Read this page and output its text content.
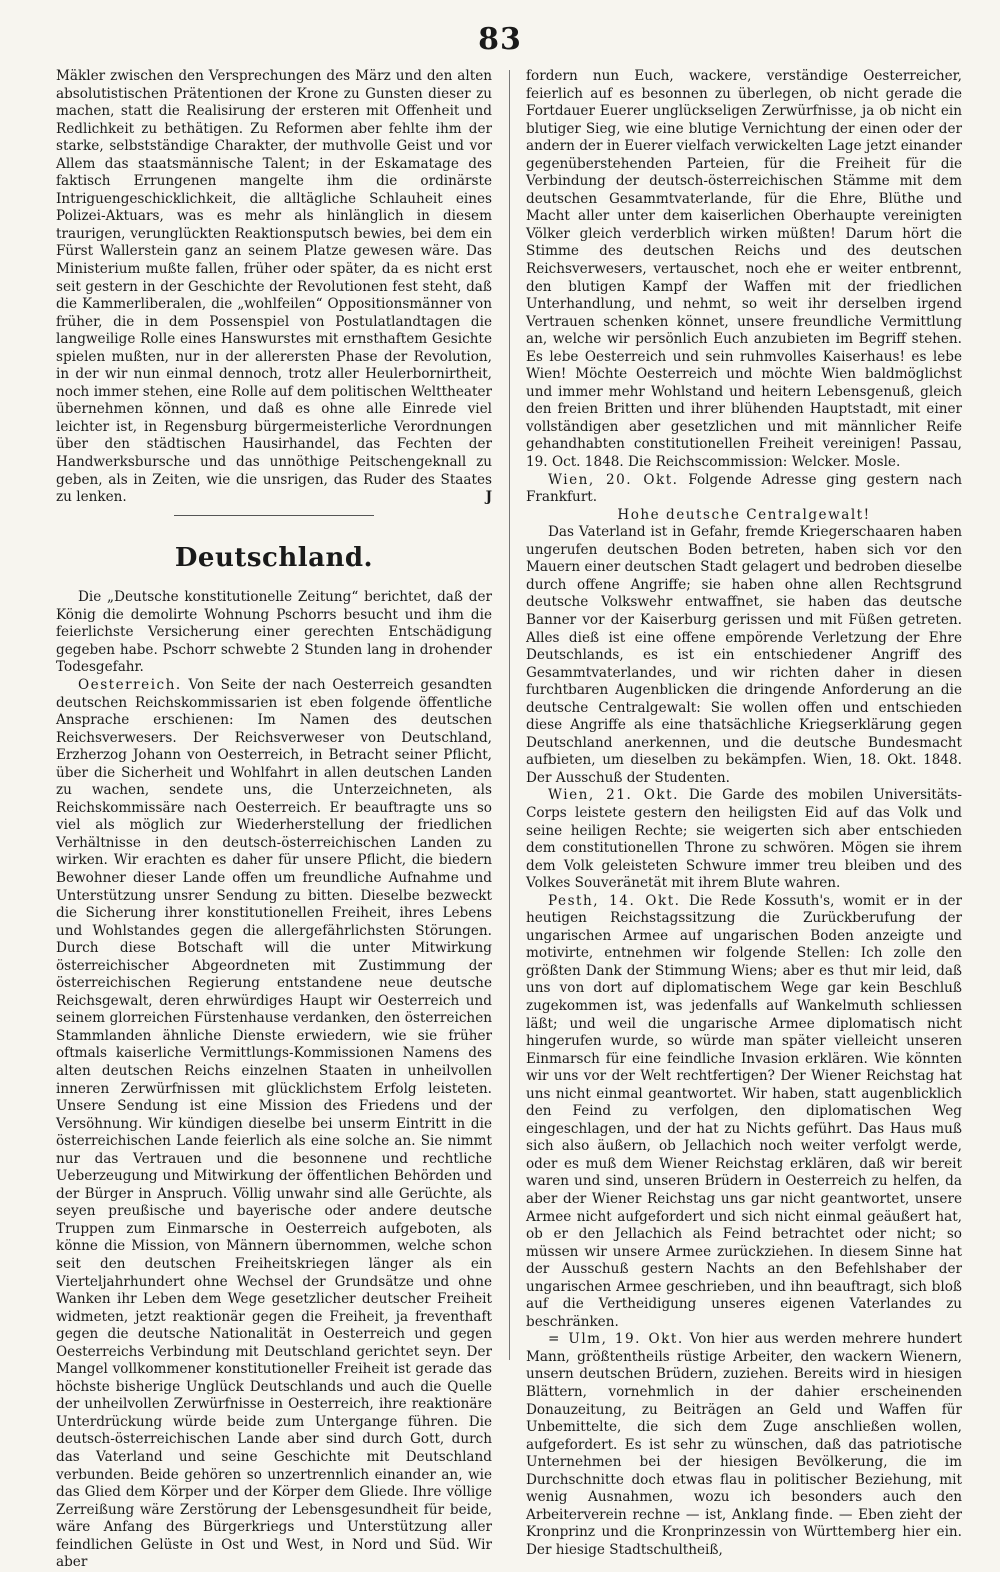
83

Mäkler zwischen den Versprechungen des März und den alten absolutistischen Prätentionen der Krone zu Gunsten dieser zu machen, statt die Realisirung der ersteren mit Offenheit und Redlichkeit zu bethätigen. Zu Reformen aber fehlte ihm der starke, selbstständige Charakter, der muthvolle Geist und vor Allem das staatsmännische Talent; in der Eskamatage des faktisch Errungenen mangelte ihm die ordinärste Intriguengeschicklichkeit, die alltägliche Schlauheit eines Polizei-Aktuars, was es mehr als hinlänglich in diesem traurigen, verunglückten Reaktionsputsch bewies, bei dem ein Fürst Wallerstein ganz an seinem Platze gewesen wäre. Das Ministerium mußte fallen, früher oder später, da es nicht erst seit gestern in der Geschichte der Revolutionen fest steht, daß die Kammerliberalen, die „wohlfeilen“ Oppositionsmänner von früher, die in dem Possenspiel von Postulatlandtagen die langweilige Rolle eines Hanswurstes mit ernsthaftem Gesichte spielen mußten, nur in der allerersten Phase der Revolution, in der wir nun einmal dennoch, trotz aller Heulerbornirtheit, noch immer stehen, eine Rolle auf dem politischen Welttheater übernehmen können, und daß es ohne alle Einrede viel leichter ist, in Regensburg bürgermeisterliche Verordnungen über den städtischen Hausirhandel, das Fechten der Handwerksbursche und das unnöthige Peitschengeknall zu geben, als in Zeiten, wie die unsrigen, das Ruder des Staates zu lenken.	J

Deutschland.

Die „Deutsche konstitutionelle Zeitung“ berichtet, daß der König die demolirte Wohnung Pschorrs besucht und ihm die feierlichste Versicherung einer gerechten Entschädigung gegeben habe. Pschorr schwebte 2 Stunden lang in drohender Todesgefahr.

Oesterreich. Von Seite der nach Oesterreich gesandten deutschen Reichskommissarien ist eben folgende öffentliche Ansprache erschienen: Im Namen des deutschen Reichsverwesers. Der Reichsverweser von Deutschland, Erzherzog Johann von Oesterreich, in Betracht seiner Pflicht, über die Sicherheit und Wohlfahrt in allen deutschen Landen zu wachen, sendete uns, die Unterzeichneten, als Reichskommissäre nach Oesterreich. Er beauftragte uns so viel als möglich zur Wiederherstellung der friedlichen Verhältnisse in den deutsch-österreichischen Landen zu wirken. Wir erachten es daher für unsere Pflicht, die biedern Bewohner dieser Lande offen um freundliche Aufnahme und Unterstützung unsrer Sendung zu bitten. Dieselbe bezweckt die Sicherung ihrer konstitutionellen Freiheit, ihres Lebens und Wohlstandes gegen die allergefährlichsten Störungen. Durch diese Botschaft will die unter Mitwirkung österreichischer Abgeordneten mit Zustimmung der österreichischen Regierung entstandene neue deutsche Reichsgewalt, deren ehrwürdiges Haupt wir Oesterreich und seinem glorreichen Fürstenhause verdanken, den österreichen Stammlanden ähnliche Dienste erwiedern, wie sie früher oftmals kaiserliche Vermittlungs-Kommissionen Namens des alten deutschen Reichs einzelnen Staaten in unheilvollen inneren Zerwürfnissen mit glücklichstem Erfolg leisteten. Unsere Sendung ist eine Mission des Friedens und der Versöhnung. Wir kündigen dieselbe bei unserm Eintritt in die österreichischen Lande feierlich als eine solche an. Sie nimmt nur das Vertrauen und die besonnene und rechtliche Ueberzeugung und Mitwirkung der öffentlichen Behörden und der Bürger in Anspruch. Völlig unwahr sind alle Gerüchte, als seyen preußische und bayerische oder andere deutsche Truppen zum Einmarsche in Oesterreich aufgeboten, als könne die Mission, von Männern übernommen, welche schon seit den deutschen Freiheitskriegen länger als ein Vierteljahrhundert ohne Wechsel der Grundsätze und ohne Wanken ihr Leben dem Wege gesetzlicher deutscher Freiheit widmeten, jetzt reaktionär gegen die Freiheit, ja freventhaft gegen die deutsche Nationalität in Oesterreich und gegen Oesterreichs Verbindung mit Deutschland gerichtet seyn. Der Mangel vollkommener konstitutioneller Freiheit ist gerade das höchste bisherige Unglück Deutschlands und auch die Quelle der unheilvollen Zerwürfnisse in Oesterreich, ihre reaktionäre Unterdrückung würde beide zum Untergange führen. Die deutsch-österreichischen Lande aber sind durch Gott, durch das Vaterland und seine Geschichte mit Deutschland verbunden. Beide gehören so unzertrennlich einander an, wie das Glied dem Körper und der Körper dem Gliede. Ihre völlige Zerreißung wäre Zerstörung der Lebensgesundheit für beide, wäre Anfang des Bürgerkriegs und Unterstützung aller feindlichen Gelüste in Ost und West, in Nord und Süd. Wir aber

fordern nun Euch, wackere, verständige Oesterreicher, feierlich auf es besonnen zu überlegen, ob nicht gerade die Fortdauer Euerer unglückseligen Zerwürfnisse, ja ob nicht ein blutiger Sieg, wie eine blutige Vernichtung der einen oder der andern der in Euerer vielfach verwickelten Lage jetzt einander gegenüberstehenden Parteien, für die Freiheit für die Verbindung der deutsch-österreichischen Stämme mit dem deutschen Gesammtvaterlande, für die Ehre, Blüthe und Macht aller unter dem kaiserlichen Oberhaupte vereinigten Völker gleich verderblich wirken müßten! Darum hört die Stimme des deutschen Reichs und des deutschen Reichsverwesers, vertauschet, noch ehe er weiter entbrennt, den blutigen Kampf der Waffen mit der friedlichen Unterhandlung, und nehmt, so weit ihr derselben irgend Vertrauen schenken könnet, unsere freundliche Vermittlung an, welche wir persönlich Euch anzubieten im Begriff stehen. Es lebe Oesterreich und sein ruhmvolles Kaiserhaus! es lebe Wien! Möchte Oesterreich und möchte Wien baldmöglichst und immer mehr Wohlstand und heitern Lebensgenuß, gleich den freien Britten und ihrer blühenden Hauptstadt, mit einer vollständigen aber gesetzlichen und mit männlicher Reife gehandhabten constitutionellen Freiheit vereinigen! Passau, 19. Oct. 1848. Die Reichscommission: Welcker. Mosle.

Wien, 20. Okt. Folgende Adresse ging gestern nach Frankfurt.

Hohe deutsche Centralgewalt!

Das Vaterland ist in Gefahr, fremde Kriegerschaaren haben ungerufen deutschen Boden betreten, haben sich vor den Mauern einer deutschen Stadt gelagert und bedroben dieselbe durch offene Angriffe; sie haben ohne allen Rechtsgrund deutsche Volkswehr entwaffnet, sie haben das deutsche Banner vor der Kaiserburg gerissen und mit Füßen getreten. Alles dieß ist eine offene empörende Verletzung der Ehre Deutschlands, es ist ein entschiedener Angriff des Gesammtvaterlandes, und wir richten daher in diesen furchtbaren Augenblicken die dringende Anforderung an die deutsche Centralgewalt: Sie wollen offen und entschieden diese Angriffe als eine thatsächliche Kriegserklärung gegen Deutschland anerkennen, und die deutsche Bundesmacht aufbieten, um dieselben zu bekämpfen. Wien, 18. Okt. 1848. Der Ausschuß der Studenten.

Wien, 21. Okt. Die Garde des mobilen Universitäts-Corps leistete gestern den heiligsten Eid auf das Volk und seine heiligen Rechte; sie weigerten sich aber entschieden dem constitutionellen Throne zu schwören. Mögen sie ihrem dem Volk geleisteten Schwure immer treu bleiben und des Volkes Souveränetät mit ihrem Blute wahren.

Pesth, 14. Okt. Die Rede Kossuth's, womit er in der heutigen Reichstagssitzung die Zurückberufung der ungarischen Armee auf ungarischen Boden anzeigte und motivirte, entnehmen wir folgende Stellen: Ich zolle den größten Dank der Stimmung Wiens; aber es thut mir leid, daß uns von dort auf diplomatischem Wege gar kein Beschluß zugekommen ist, was jedenfalls auf Wankelmuth schliessen läßt; und weil die ungarische Armee diplomatisch nicht hingerufen wurde, so würde man später vielleicht unseren Einmarsch für eine feindliche Invasion erklären. Wie könnten wir uns vor der Welt rechtfertigen? Der Wiener Reichstag hat uns nicht einmal geantwortet. Wir haben, statt augenblicklich den Feind zu verfolgen, den diplomatischen Weg eingeschlagen, und der hat zu Nichts geführt. Das Haus muß sich also äußern, ob Jellachich noch weiter verfolgt werde, oder es muß dem Wiener Reichstag erklären, daß wir bereit waren und sind, unseren Brüdern in Oesterreich zu helfen, da aber der Wiener Reichstag uns gar nicht geantwortet, unsere Armee nicht aufgefordert und sich nicht einmal geäußert hat, ob er den Jellachich als Feind betrachtet oder nicht; so müssen wir unsere Armee zurückziehen. In diesem Sinne hat der Ausschuß gestern Nachts an den Befehlshaber der ungarischen Armee geschrieben, und ihn beauftragt, sich bloß auf die Vertheidigung unseres eigenen Vaterlandes zu beschränken.

= Ulm, 19. Okt. Von hier aus werden mehrere hundert Mann, größtentheils rüstige Arbeiter, den wackern Wienern, unsern deutschen Brüdern, zuziehen. Bereits wird in hiesigen Blättern, vornehmlich in der dahier erscheinenden Donauzeitung, zu Beiträgen an Geld und Waffen für Unbemittelte, die sich dem Zuge anschließen wollen, aufgefordert. Es ist sehr zu wünschen, daß das patriotische Unternehmen bei der hiesigen Bevölkerung, die im Durchschnitte doch etwas flau in politischer Beziehung, mit wenig Ausnahmen, wozu ich besonders auch den Arbeiterverein rechne — ist, Anklang finde. — Eben zieht der Kronprinz und die Kronprinzessin von Württemberg hier ein. Der hiesige Stadtschultheiß,
